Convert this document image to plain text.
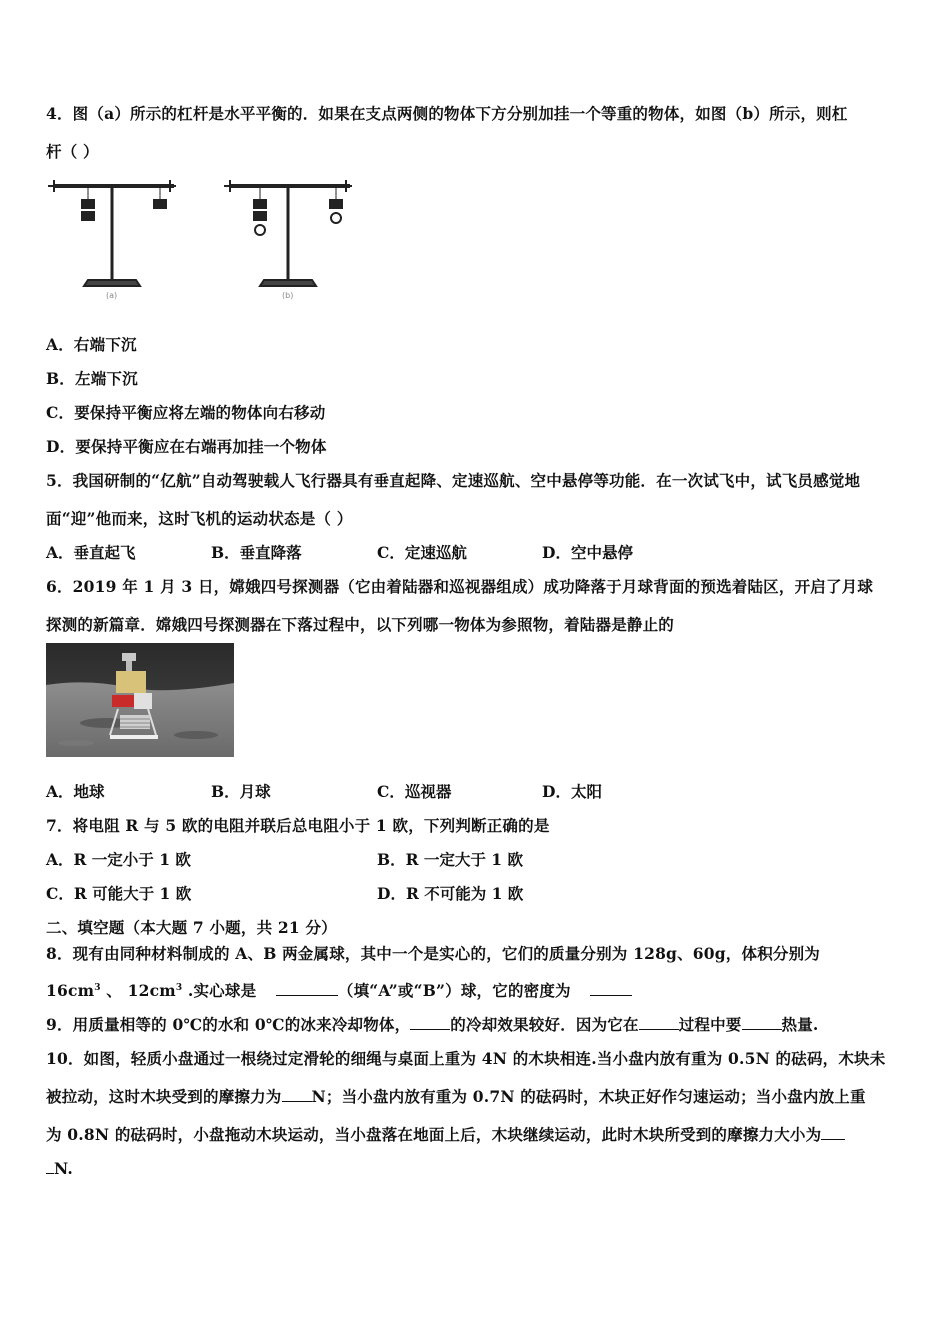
4．图（a）所示的杠杆是水平平衡的．如果在支点两侧的物体下方分别加挂一个等重的物体，如图（b）所示，则杠
杆（ ）
(a)	(b)
A．右端下沉
B．左端下沉
C．要保持平衡应将左端的物体向右移动
D．要保持平衡应在右端再加挂一个物体
5．我国研制的“亿航”自动驾驶载人飞行器具有垂直起降、定速巡航、空中悬停等功能．在一次试飞中，试飞员感觉地
面“迎”他而来，这时飞机的运动状态是（ ）
A．垂直起飞	B．垂直降落	C．定速巡航	D．空中悬停
6．2019 年 1 月 3 日，嫦娥四号探测器（它由着陆器和巡视器组成）成功降落于月球背面的预选着陆区，开启了月球
探测的新篇章．嫦娥四号探测器在下落过程中，以下列哪一物体为参照物，着陆器是静止的
A．地球	B．月球	C．巡视器	D．太阳
7．将电阻 R 与 5 欧的电阻并联后总电阻小于 1 欧，下列判断正确的是
A．R 一定小于 1 欧	B．R 一定大于 1 欧
C．R 可能大于 1 欧	D．R 不可能为 1 欧
二、填空题（本大题 7 小题，共 21 分）
8．现有由同种材料制成的 A、B 两金属球，其中一个是实心的，它们的质量分别为 128g、60g，体积分别为
$16cm^3$ 、 $12cm^3$ .实心球是	（填“A”或“B”）球，它的密度为
9．用质量相等的 0℃的水和 0℃的冰来冷却物体，	的冷却效果较好．因为它在	过程中要	热量.
10．如图，轻质小盘通过一根绕过定滑轮的细绳与桌面上重为 4N 的木块相连.当小盘内放有重为 0.5N 的砝码，木块未
被拉动，这时木块受到的摩擦力为 N；当小盘内放有重为 0.7N 的砝码时，木块正好作匀速运动；当小盘内放上重
为 0.8N 的砝码时，小盘拖动木块运动，当小盘落在地面上后，木块继续运动，此时木块所受到的摩擦力大小为
N.
